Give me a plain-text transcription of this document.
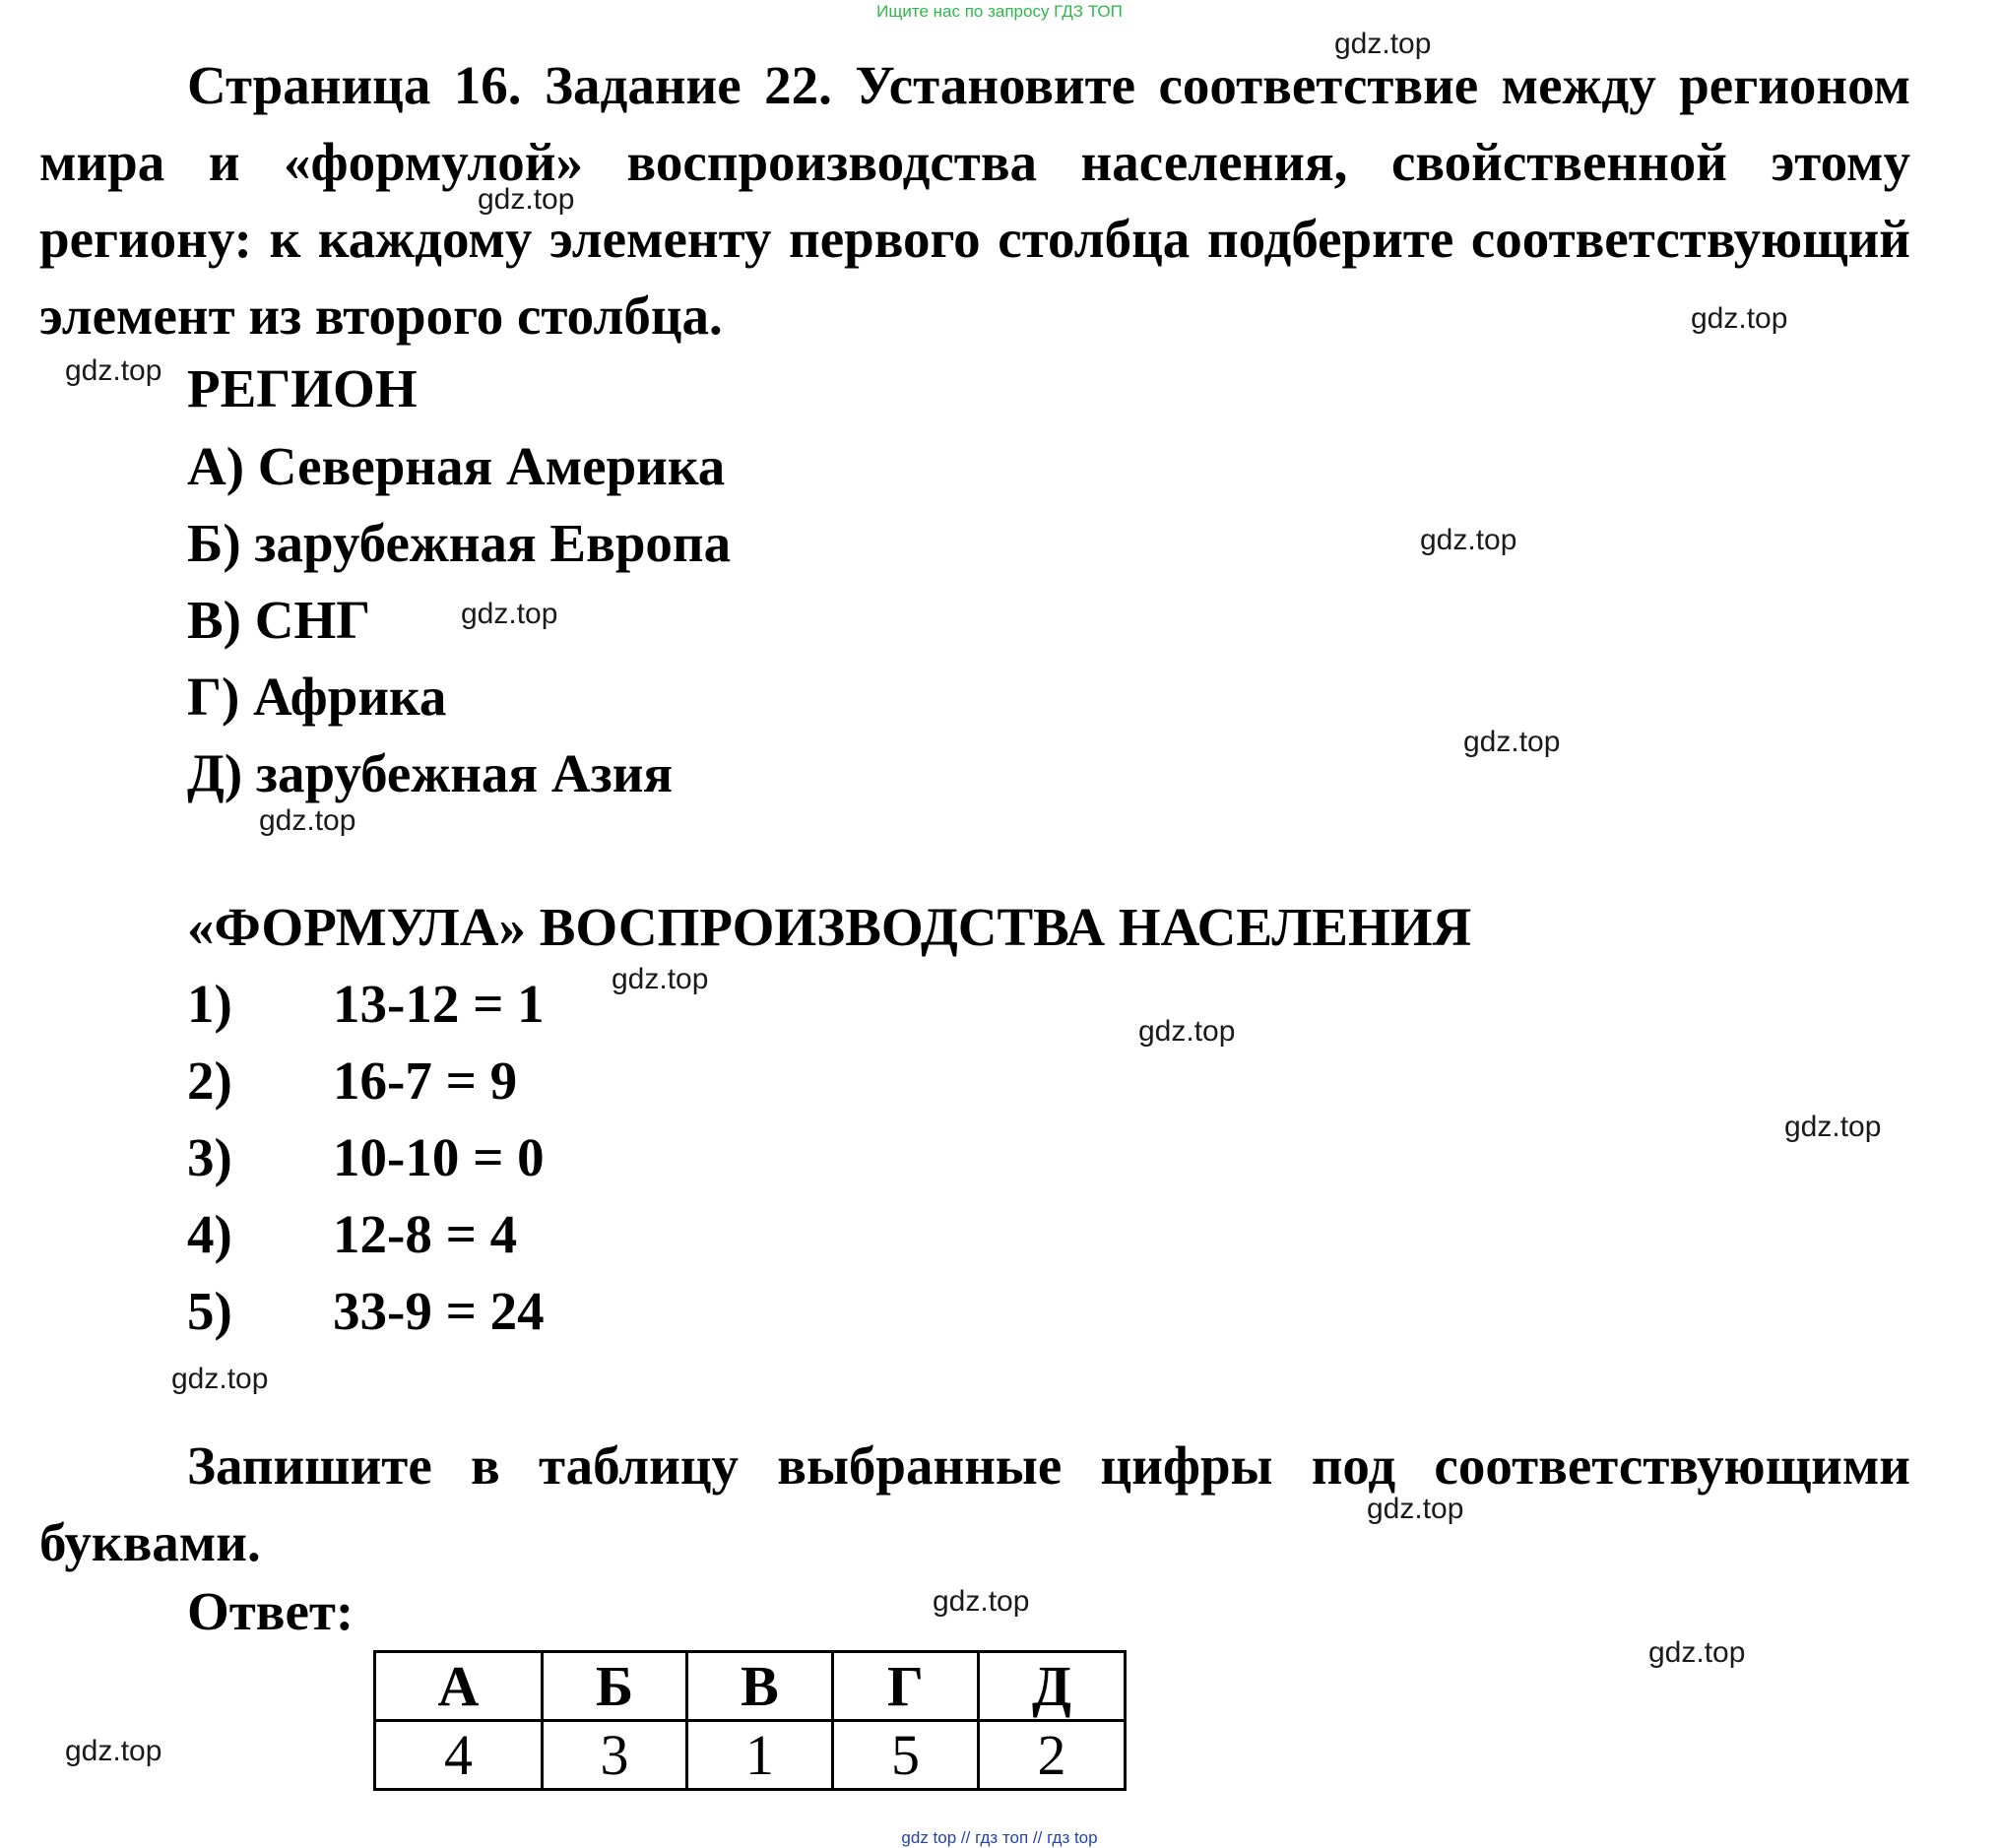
Ищите нас по запросу ГДЗ ТОП
Страница 16. Задание 22. Установите соответствие между регионом мира и «формулой» воспроизводства населения, свойственной этому региону: к каждому элементу первого столбца подберите соответствующий элемент из второго столбца.
РЕГИОН
А) Северная Америка
Б) зарубежная Европа
В) СНГ
Г) Африка
Д) зарубежная Азия
«ФОРМУЛА» ВОСПРОИЗВОДСТВА НАСЕЛЕНИЯ
1) 13-12 = 1
2) 16-7 = 9
3) 10-10 = 0
4) 12-8 = 4
5) 33-9 = 24
Запишите в таблицу выбранные цифры под соответствующими буквами.
Ответ:
А	Б	В	Г	Д
4	3	1	5	2
gdz.top
gdz.top
gdz.top
gdz.top
gdz.top
gdz.top
gdz.top
gdz.top
gdz.top
gdz.top
gdz.top
gdz.top
gdz.top
gdz.top
gdz.top
gdz.top
gdz top // гдз топ // гдз top
